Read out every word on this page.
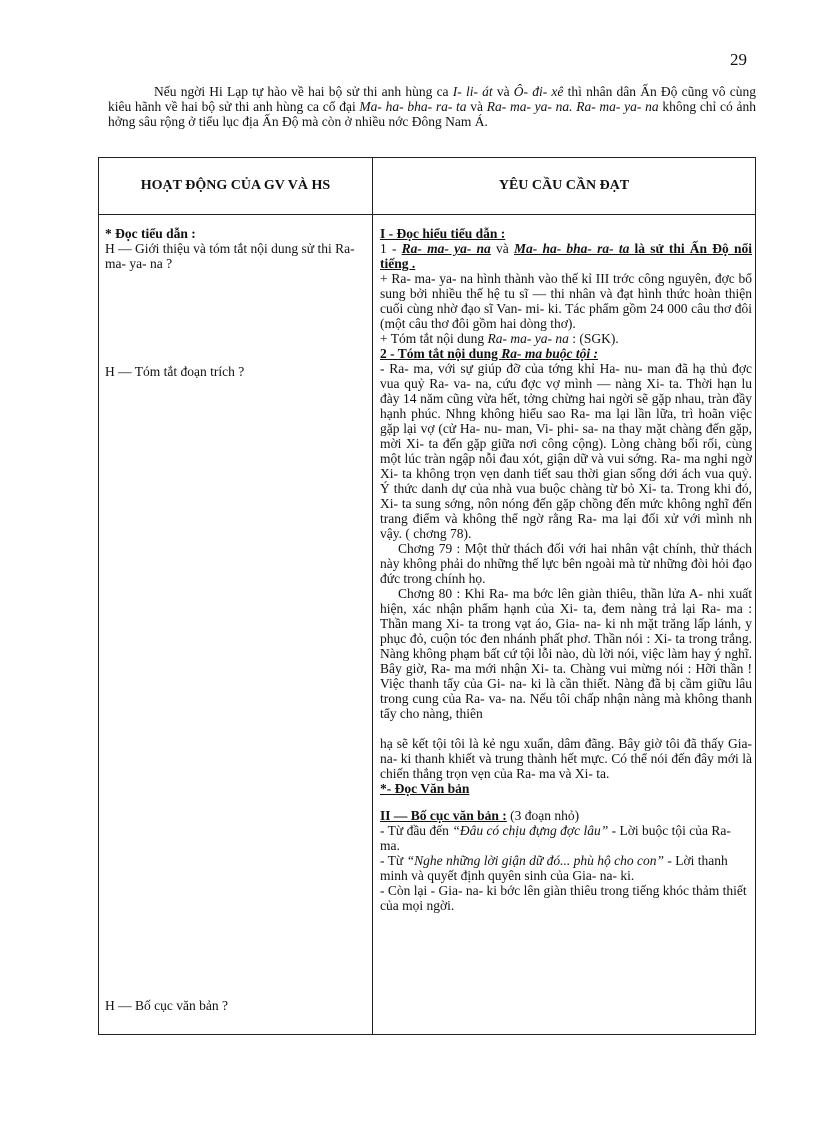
29

Nếu ngời Hi Lạp tự hào về hai bộ sử thi anh hùng ca I- li- át và Ô- đi- xê thì nhân dân Ấn Độ cũng vô cùng kiêu hãnh về hai bộ sử thi anh hùng ca cổ đại Ma- ha- bha- ra- ta và Ra- ma- ya- na. Ra- ma- ya- na không chỉ có ảnh hởng sâu rộng ở tiểu lục địa Ấn Độ mà còn ở nhiều nớc Đông Nam Á.

HOẠT ĐỘNG CỦA GV VÀ HS	YÊU CẦU CẦN ĐẠT

* Đọc tiểu dẫn :

H — Giới thiệu và tóm tắt nội dung sử thi Ra- ma- ya- na ?

H — Tóm tắt đoạn trích ?
H — Bố cục văn bản ?

I - Đọc hiểu tiểu dẫn :

1 - Ra- ma- ya- na và Ma- ha- bha- ra- ta là sử thi Ấn Độ nổi tiếng .

+ Ra- ma- ya- na hình thành vào thế kỉ III trớc công nguyên, đợc bổ sung bởi nhiều thế hệ tu sĩ — thi nhân và đạt hình thức hoàn thiện cuối cùng nhờ đạo sĩ Van- mi- ki. Tác phẩm gồm 24 000 câu thơ đôi (một câu thơ đôi gồm hai dòng thơ).

+ Tóm tắt nội dung Ra- ma- ya- na : (SGK).

2 - Tóm tắt nội dung Ra- ma buộc tội :

- Ra- ma, với sự giúp đỡ của tớng khỉ Ha- nu- man đã hạ thủ đợc vua quỷ Ra- va- na, cứu đợc vợ mình — nàng Xi- ta. Thời hạn lu đày 14 năm cũng vừa hết, tởng chừng hai ngời sẽ gặp nhau, tràn đầy hạnh phúc. Nhng không hiểu sao Ra- ma lại lần lữa, trì hoãn việc gặp lại vợ (cử Ha- nu- man, Vi- phi- sa- na thay mặt chàng đến gặp, mời Xi- ta đến gặp giữa nơi công cộng). Lòng chàng bối rối, cùng một lúc tràn ngập nỗi đau xót, giận dữ và vui sớng. Ra- ma nghi ngờ Xi- ta không trọn vẹn danh tiết sau thời gian sống dới ách vua quỷ. Ý thức danh dự của nhà vua buộc chàng từ bỏ Xi- ta. Trong khi đó, Xi- ta sung sớng, nôn nóng đến gặp chồng đến mức không nghĩ đến trang điểm và không thể ngờ rằng Ra- ma lại đối xử với mình nh vậy. ( chơng 78).

Chơng 79 : Một thử thách đối với hai nhân vật chính, thử thách này không phải do những thế lực bên ngoài mà từ những đòi hỏi đạo đức trong chính họ.

Chơng 80 : Khi Ra- ma bớc lên giàn thiêu, thần lửa A- nhi xuất hiện, xác nhận phẩm hạnh của Xi- ta, đem nàng trả lại Ra- ma : Thần mang Xi- ta trong vạt áo, Gia- na- ki nh mặt trăng lấp lánh, y phục đỏ, cuộn tóc đen nhánh phất phơ. Thần nói : Xi- ta trong trắng. Nàng không phạm bất cứ tội lỗi nào, dù lời nói, việc làm hay ý nghĩ. Bây giờ, Ra- ma mới nhận Xi- ta. Chàng vui mừng nói : Hỡi thần ! Việc thanh tẩy của Gi- na- ki là cần thiết. Nàng đã bị cầm giữu lâu trong cung của Ra- va- na. Nếu tôi chấp nhận nàng mà không thanh tẩy cho nàng, thiên

hạ sẽ kết tội tôi là kẻ ngu xuẩn, dâm đãng. Bây giờ tôi đã thấy Gia- na- ki thanh khiết và trung thành hết mực. Có thể nói đến đây mới là chiến thắng trọn vẹn của Ra- ma và Xi- ta.

*- Đọc Văn bản

II — Bố cục văn bản : (3 đoạn nhỏ)

- Từ đầu đến “Đâu có chịu đựng đợc lâu” - Lời buộc tội của Ra- ma.

- Từ “Nghe những lời giận dữ đó... phù hộ cho con” - Lời thanh minh và quyết định quyên sinh của Gia- na- ki.

- Còn lại - Gia- na- ki bớc lên giàn thiêu trong tiếng khóc thảm thiết của mọi ngời.
